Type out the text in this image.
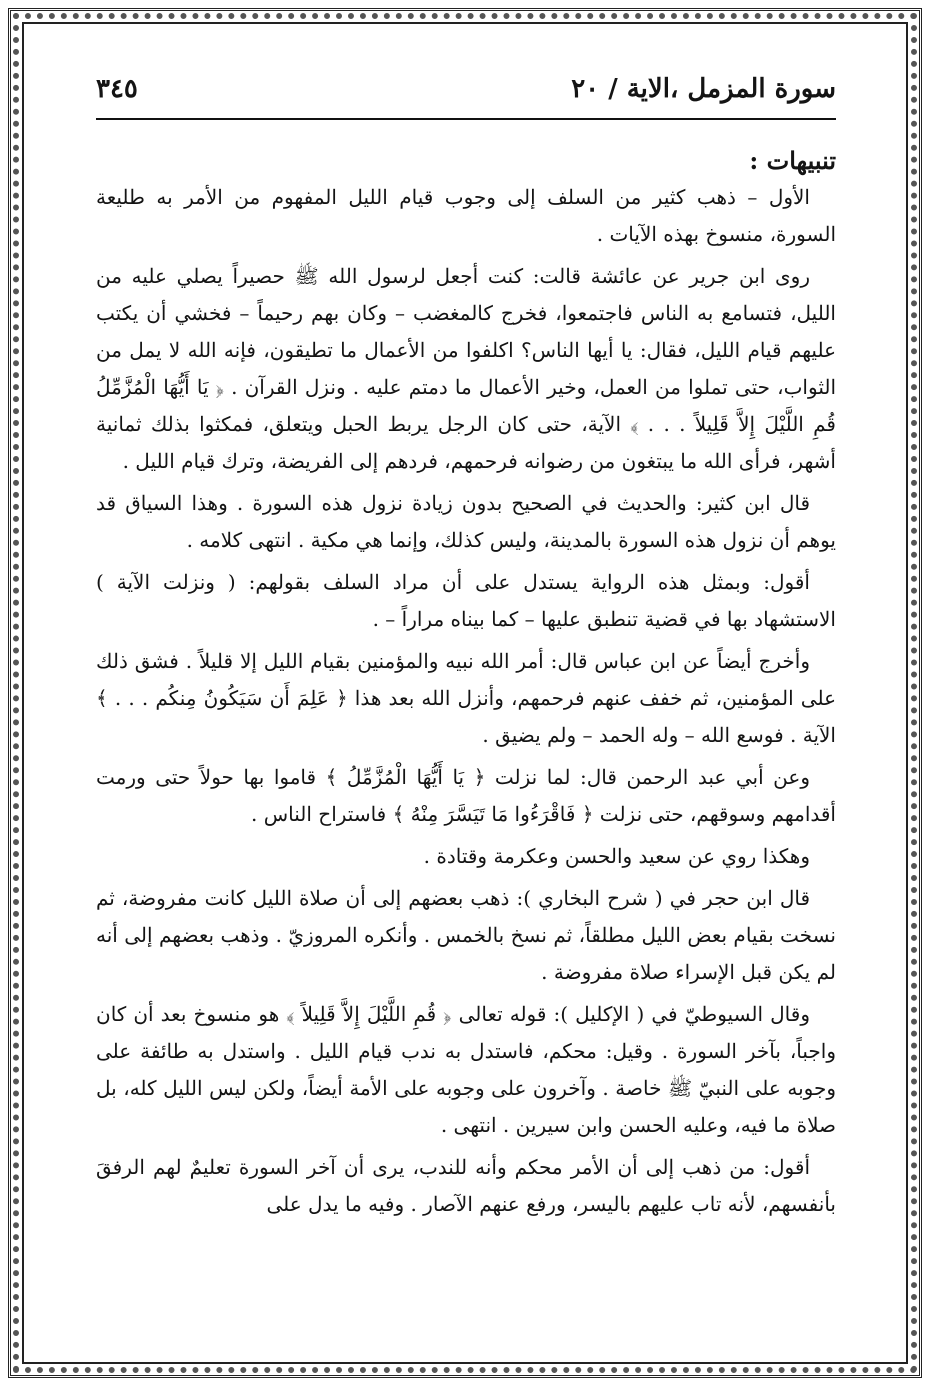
سورة المزمل ،الاية / ٢٠
٣٤٥
تنبيهات :

الأول – ذهب كثير من السلف إلى وجوب قيام الليل المفهوم من الأمر به طليعة السورة، منسوخ بهذه الآيات .

روى ابن جرير عن عائشة قالت: كنت أجعل لرسول الله ﷺ حصيراً يصلي عليه من الليل، فتسامع به الناس فاجتمعوا، فخرج كالمغضب – وكان بهم رحيماً – فخشي أن يكتب عليهم قيام الليل، فقال: يا أيها الناس؟ اكلفوا من الأعمال ما تطيقون، فإنه الله لا يمل من الثواب، حتى تملوا من العمل، وخير الأعمال ما دمتم عليه . ونزل القرآن . ﴿ يَا أَيُّهَا الْمُزَّمِّلُ قُمِ اللَّيْلَ إِلاَّ قَلِيلاً . . . ﴾ الآية، حتى كان الرجل يربط الحبل ويتعلق، فمكثوا بذلك ثمانية أشهر، فرأى الله ما يبتغون من رضوانه فرحمهم، فردهم إلى الفريضة، وترك قيام الليل .

قال ابن كثير: والحديث في الصحيح بدون زيادة نزول هذه السورة . وهذا السياق قد يوهم أن نزول هذه السورة بالمدينة، وليس كذلك، وإنما هي مكية . انتهى كلامه .

أقول: وبمثل هذه الرواية يستدل على أن مراد السلف بقولهم: ( ونزلت الآية ) الاستشهاد بها في قضية تنطبق عليها – كما بيناه مراراً – .

وأخرج أيضاً عن ابن عباس قال: أمر الله نبيه والمؤمنين بقيام الليل إلا قليلاً . فشق ذلك على المؤمنين، ثم خفف عنهم فرحمهم، وأنزل الله بعد هذا ﴿ عَلِمَ أَن سَيَكُونُ مِنكُم . . . ﴾ الآية . فوسع الله – وله الحمد – ولم يضيق .

وعن أبي عبد الرحمن قال: لما نزلت ﴿ يَا أَيُّهَا الْمُزَّمِّلُ ﴾ قاموا بها حولاً حتى ورمت أقدامهم وسوقهم، حتى نزلت ﴿ فَاقْرَءُوا مَا تَيَسَّرَ مِنْهُ ﴾ فاستراح الناس .

وهكذا روي عن سعيد والحسن وعكرمة وقتادة .

قال ابن حجر في ( شرح البخاري ): ذهب بعضهم إلى أن صلاة الليل كانت مفروضة، ثم نسخت بقيام بعض الليل مطلقاً، ثم نسخ بالخمس . وأنكره المروزيّ . وذهب بعضهم إلى أنه لم يكن قبل الإسراء صلاة مفروضة .

وقال السيوطيّ في ( الإكليل ): قوله تعالى ﴿ قُمِ اللَّيْلَ إِلاَّ قَلِيلاً ﴾ هو منسوخ بعد أن كان واجباً، بآخر السورة . وقيل: محكم، فاستدل به ندب قيام الليل . واستدل به طائفة على وجوبه على النبيّ ﷺ خاصة . وآخرون على وجوبه على الأمة أيضاً، ولكن ليس الليل كله، بل صلاة ما فيه، وعليه الحسن وابن سيرين . انتهى .

أقول: من ذهب إلى أن الأمر محكم وأنه للندب، يرى أن آخر السورة تعليمٌ لهم الرفقَ بأنفسهم، لأنه تاب عليهم باليسر، ورفع عنهم الآصار . وفيه ما يدل على
